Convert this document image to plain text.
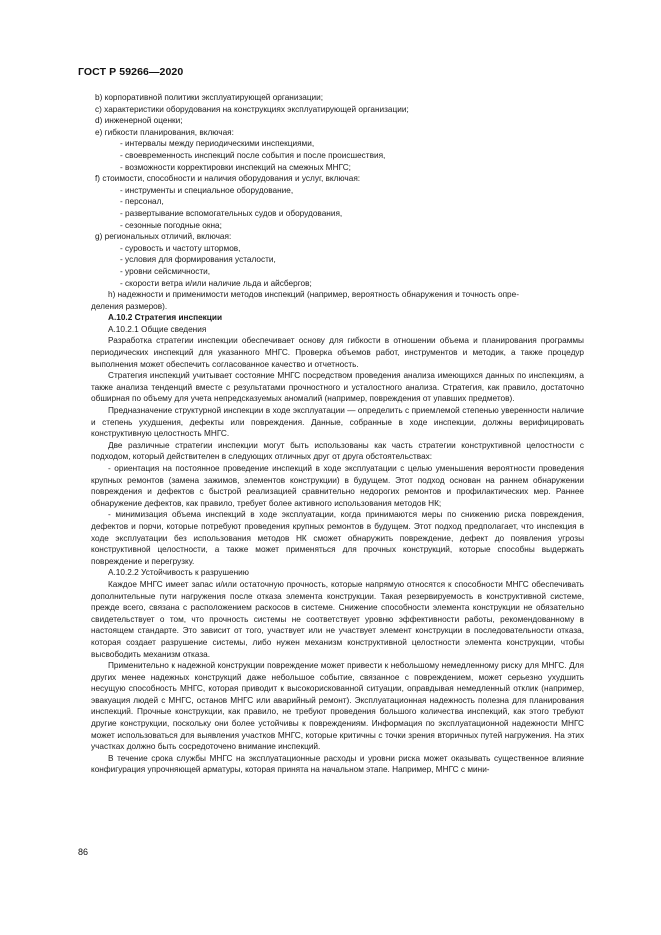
ГОСТ Р 59266—2020

b) корпоративной политики эксплуатирующей организации;

c) характеристики оборудования на конструкциях эксплуатирующей организации;

d) инженерной оценки;

e) гибкости планирования, включая:

- интервалы между периодическими инспекциями,

- своевременность инспекций после события и после происшествия,

- возможности корректировки инспекций на смежных МНГС;

f) стоимости, способности и наличия оборудования и услуг, включая:

- инструменты и специальное оборудование,

- персонал,

- развертывание вспомогательных судов и оборудования,

- сезонные погодные окна;

g) региональных отличий, включая:

- суровость и частоту штормов,

- условия для формирования усталости,

- уровни сейсмичности,

- скорости ветра и/или наличие льда и айсбергов;

h) надежности и применимости методов инспекций (например, вероятность обнаружения и точность опре-

деления размеров).

А.10.2 Стратегия инспекции

А.10.2.1 Общие сведения

Разработка стратегии инспекции обеспечивает основу для гибкости в отношении объема и планирования программы периодических инспекций для указанного МНГС. Проверка объемов работ, инструментов и методик, а также процедур выполнения может обеспечить согласованное качество и отчетность.

Стратегия инспекций учитывает состояние МНГС посредством проведения анализа имеющихся данных по инспекциям, а также анализа тенденций вместе с результатами прочностного и усталостного анализа. Стратегия, как правило, достаточно обширная по объему для учета непредсказуемых аномалий (например, повреждения от упавших предметов).

Предназначение структурной инспекции в ходе эксплуатации — определить с приемлемой степенью уверенности наличие и степень ухудшения, дефекты или повреждения. Данные, собранные в ходе инспекции, должны верифицировать конструктивную целостность МНГС.

Две различные стратегии инспекции могут быть использованы как часть стратегии конструктивной целостности с подходом, который действителен в следующих отличных друг от друга обстоятельствах:

- ориентация на постоянное проведение инспекций в ходе эксплуатации с целью уменьшения вероятности проведения крупных ремонтов (замена зажимов, элементов конструкции) в будущем. Этот подход основан на раннем обнаружении повреждения и дефектов с быстрой реализацией сравнительно недорогих ремонтов и профилактических мер. Раннее обнаружение дефектов, как правило, требует более активного использования методов НК;

- минимизация объема инспекций в ходе эксплуатации, когда принимаются меры по снижению риска повреждения, дефектов и порчи, которые потребуют проведения крупных ремонтов в будущем. Этот подход предполагает, что инспекция в ходе эксплуатации без использования методов НК сможет обнаружить повреждение, дефект до появления угрозы конструктивной целостности, а также может применяться для прочных конструкций, которые способны выдержать повреждение и перегрузку.

А.10.2.2 Устойчивость к разрушению

Каждое МНГС имеет запас и/или остаточную прочность, которые напрямую относятся к способности МНГС обеспечивать дополнительные пути нагружения после отказа элемента конструкции. Такая резервируемость в конструктивной системе, прежде всего, связана с расположением раскосов в системе. Снижение способности элемента конструкции не обязательно свидетельствует о том, что прочность системы не соответствует уровню эффективности работы, рекомендованному в настоящем стандарте. Это зависит от того, участвует или не участвует элемент конструкции в последовательности отказа, которая создает разрушение системы, либо нужен механизм конструктивной целостности элемента конструкции, чтобы высвободить механизм отказа.

Применительно к надежной конструкции повреждение может привести к небольшому немедленному риску для МНГС. Для других менее надежных конструкций даже небольшое событие, связанное с повреждением, может серьезно ухудшить несущую способность МНГС, которая приводит к высокорискованной ситуации, оправдывая немедленный отклик (например, эвакуация людей с МНГС, останов МНГС или аварийный ремонт). Эксплуатационная надежность полезна для планирования инспекций. Прочные конструкции, как правило, не требуют проведения большого количества инспекций, как этого требуют другие конструкции, поскольку они более устойчивы к повреждениям. Информация по эксплуатационной надежности МНГС может использоваться для выявления участков МНГС, которые критичны с точки зрения вторичных путей нагружения. На этих участках должно быть сосредоточено внимание инспекций.

В течение срока службы МНГС на эксплуатационные расходы и уровни риска может оказывать существенное влияние конфигурация упрочняющей арматуры, которая принята на начальном этапе. Например, МНГС с мини-

86
